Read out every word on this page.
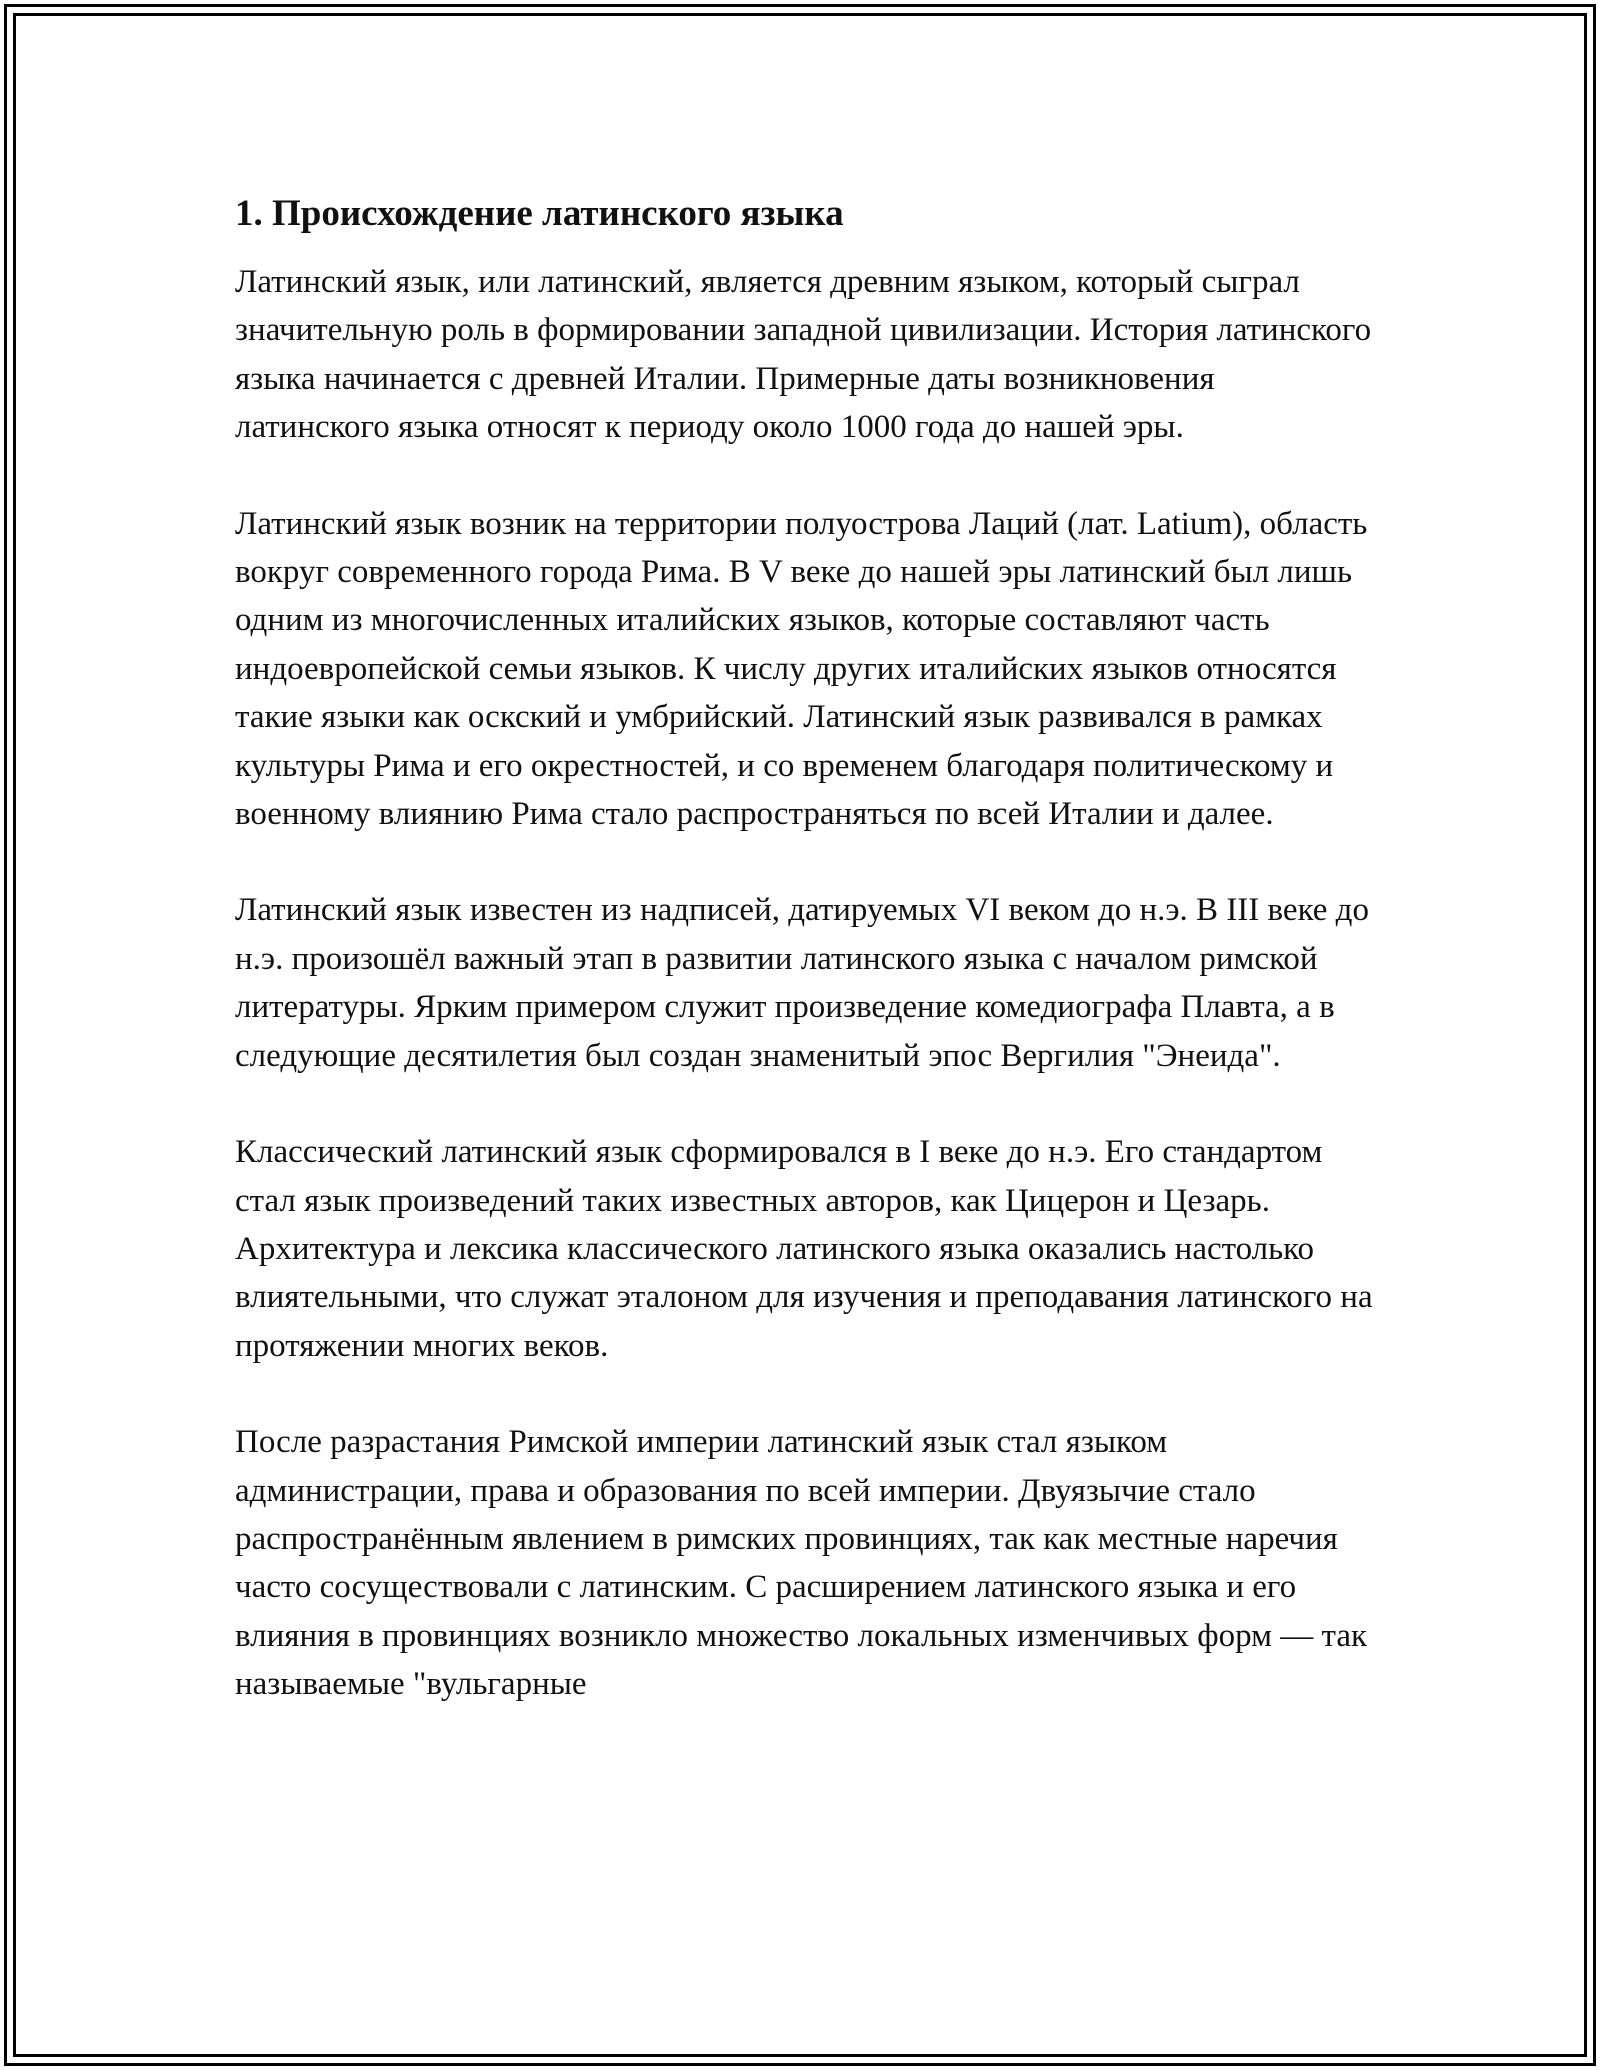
1. Происхождение латинского языка

Латинский язык, или латинский, является древним языком, который сыграл значительную роль в формировании западной цивилизации. История латинского языка начинается с древней Италии. Примерные даты возникновения латинского языка относят к периоду около 1000 года до нашей эры.

Латинский язык возник на территории полуострова Лаций (лат. Latium), область вокруг современного города Рима. В V веке до нашей эры латинский был лишь одним из многочисленных италийских языков, которые составляют часть индоевропейской семьи языков. К числу других италийских языков относятся такие языки как оскский и умбрийский. Латинский язык развивался в рамках культуры Рима и его окрестностей, и со временем благодаря политическому и военному влиянию Рима стало распространяться по всей Италии и далее.

Латинский язык известен из надписей, датируемых VI веком до н.э. В III веке до н.э. произошёл важный этап в развитии латинского языка с началом римской литературы. Ярким примером служит произведение комедиографа Плавта, а в следующие десятилетия был создан знаменитый эпос Вергилия "Энеида".

Классический латинский язык сформировался в I веке до н.э. Его стандартом стал язык произведений таких известных авторов, как Цицерон и Цезарь. Архитектура и лексика классического латинского языка оказались настолько влиятельными, что служат эталоном для изучения и преподавания латинского на протяжении многих веков.

После разрастания Римской империи латинский язык стал языком администрации, права и образования по всей империи. Двуязычие стало распространённым явлением в римских провинциях, так как местные наречия часто сосуществовали с латинским. С расширением латинского языка и его влияния в провинциях возникло множество локальных изменчивых форм — так называемые "вульгарные
